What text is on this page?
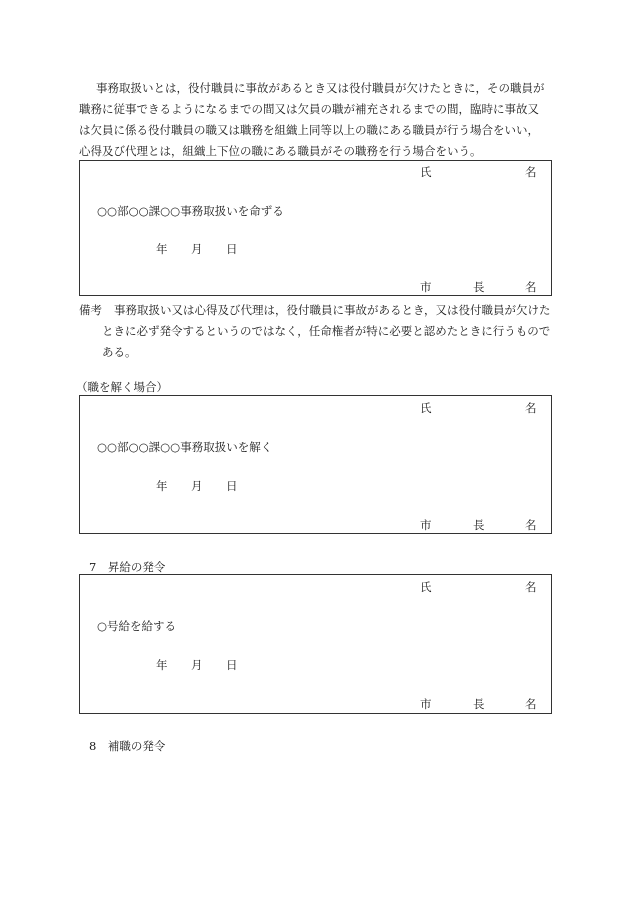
事務取扱いとは，役付職員に事故があるとき又は役付職員が欠けたときに，その職員が
職務に従事できるようになるまでの間又は欠員の職が補充されるまでの間，臨時に事故又
は欠員に係る役付職員の職又は職務を組織上同等以上の職にある職員が行う場合をいい，
心得及び代理とは，組織上下位の職にある職員がその職務を行う場合をいう。
氏	名
○○部○○課○○事務取扱いを命ずる
年 月 日
市	長	名
備考 事務取扱い又は心得及び代理は，役付職員に事故があるとき，又は役付職員が欠けた
ときに必ず発令するというのではなく，任命権者が特に必要と認めたときに行うもので
ある。
（職を解く場合）
氏	名
○○部○○課○○事務取扱いを解く
年 月 日
市	長	名
7　昇給の発令
氏	名
○号給を給する
年 月 日
市	長	名
8　補職の発令
